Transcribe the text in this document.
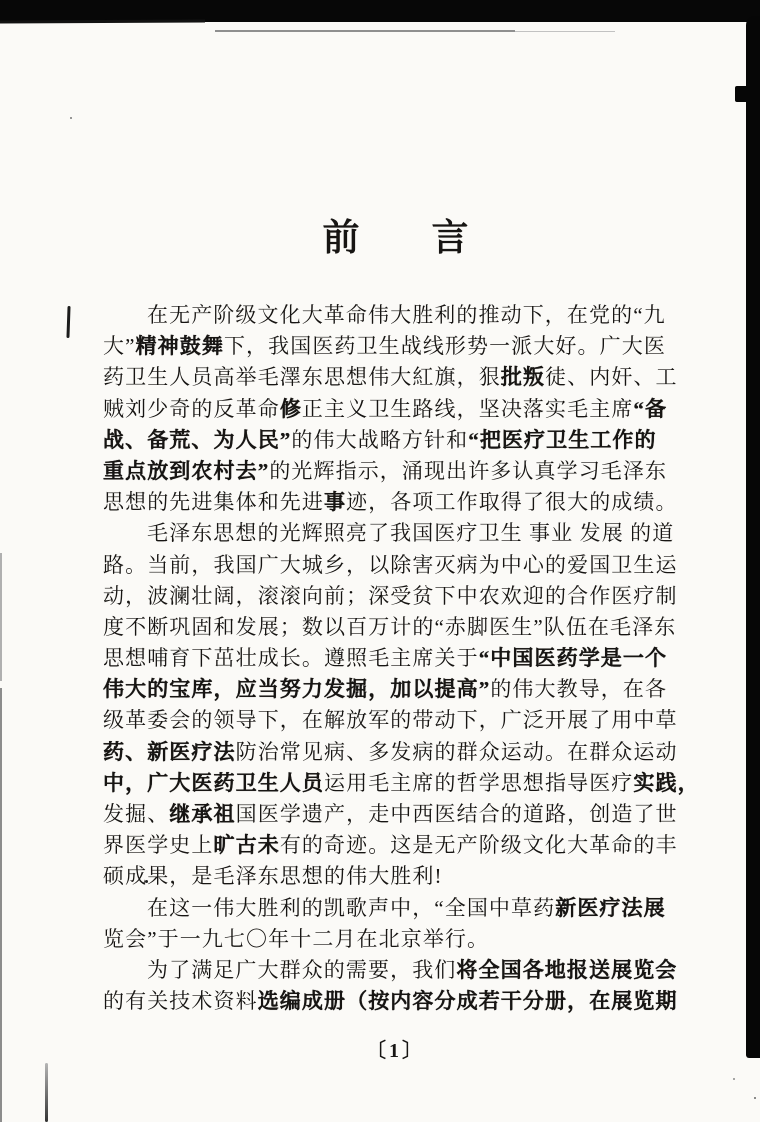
前 言
在无产阶级文化大革命伟大胜利的推动下，在党的“九
大”精神鼓舞下，我国医药卫生战线形势一派大好。广大医
药卫生人员高举毛澤东思想伟大紅旗，狠批叛徒、内奸、工
贼刘少奇的反革命修正主义卫生路线，坚决落实毛主席“备
战、备荒、为人民”的伟大战略方针和“把医疗卫生工作的
重点放到农村去”的光辉指示，涌现出许多认真学习毛泽东
思想的先进集体和先进事迹，各项工作取得了很大的成绩。
毛泽东思想的光辉照亮了我国医疗卫生 事业 发展 的道
路。当前，我国广大城乡，以除害灭病为中心的爱国卫生运
动，波澜壮阔，滚滚向前；深受贫下中农欢迎的合作医疗制
度不断巩固和发展；数以百万计的“赤脚医生”队伍在毛泽东
思想哺育下茁壮成长。遵照毛主席关于“中国医药学是一个
伟大的宝库，应当努力发掘，加以提高”的伟大教导，在各
级革委会的领导下，在解放军的带动下，广泛开展了用中草
药、新医疗法防治常见病、多发病的群众运动。在群众运动
中，广大医药卫生人员运用毛主席的哲学思想指导医疗实践，
发掘、继承祖国医学遗产，走中西医结合的道路，创造了世
界医学史上旷古未有的奇迹。这是无产阶级文化大革命的丰
硕成果，是毛泽东思想的伟大胜利!
在这一伟大胜利的凯歌声中，“全国中草药新医疗法展
览会”于一九七〇年十二月在北京举行。
为了满足广大群众的需要，我们将全国各地报送展览会
的有关技术资料选编成册（按内容分成若干分册，在展览期
〔1〕
